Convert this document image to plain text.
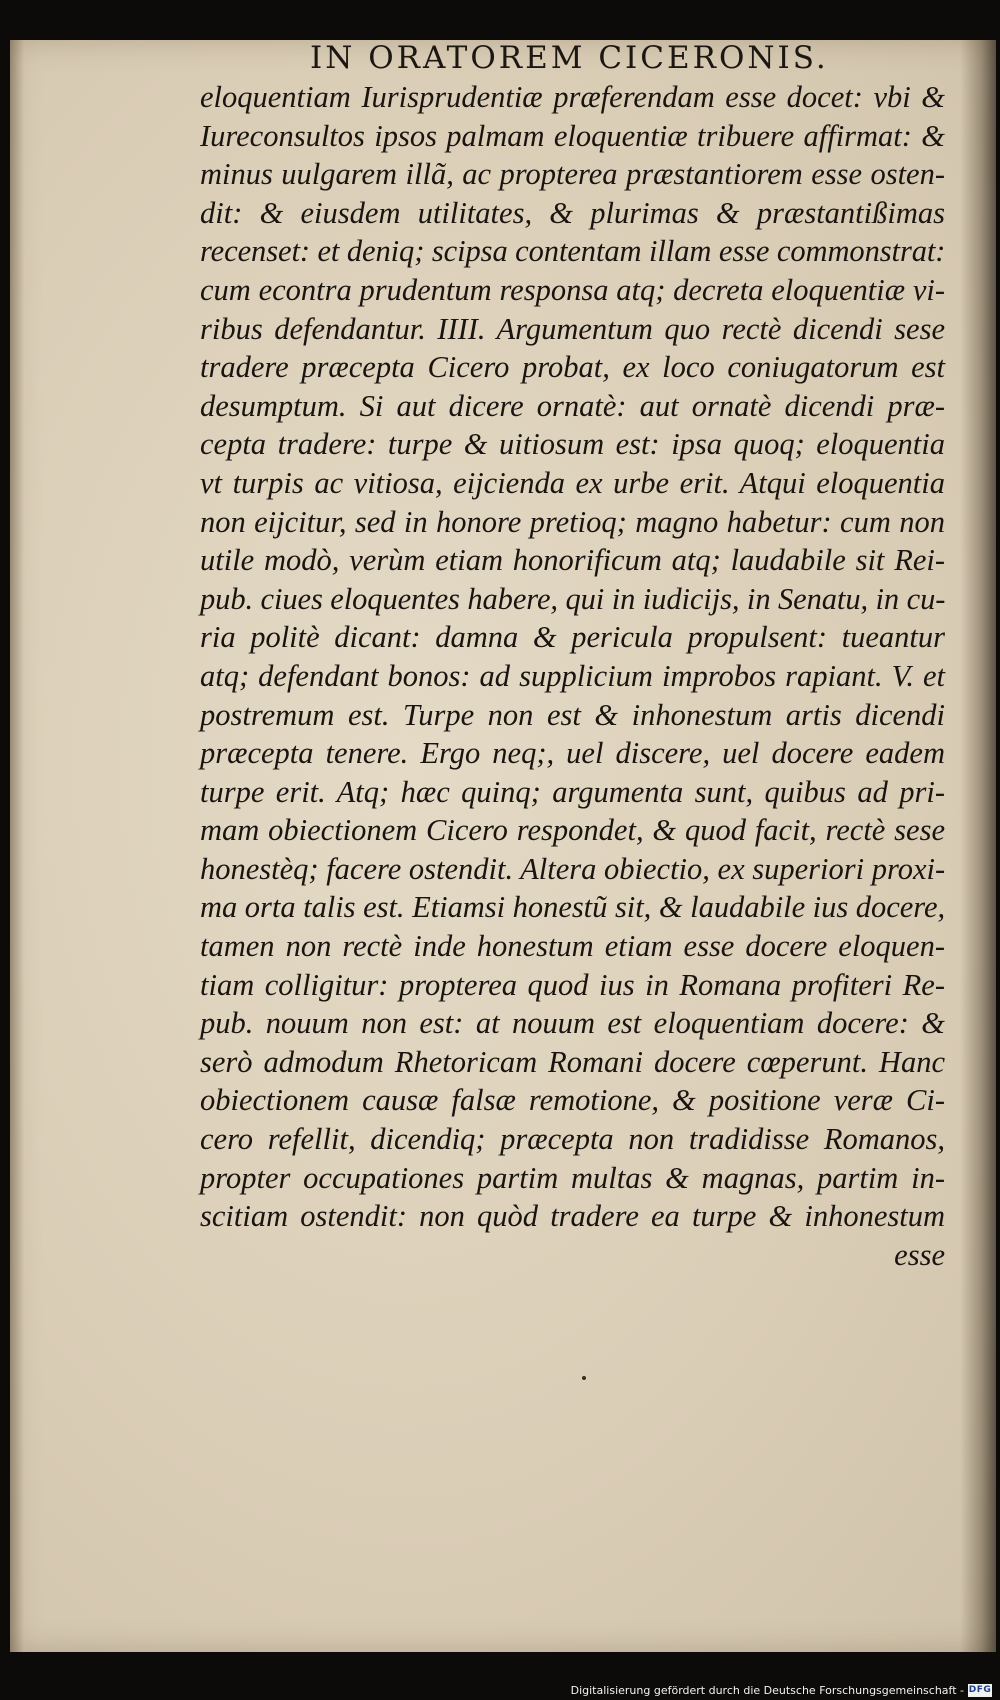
IN ORATOREM CICERONIS.
eloquentiam Iurisprudentiæ præferendam esse docet: vbi &
Iureconsultos ipsos palmam eloquentiæ tribuere affirmat: &
minus uulgarem illã, ac propterea præstantiorem esse osten-
dit: & eiusdem utilitates, & plurimas & præstantißimas
recenset: et deniq; scipsa contentam illam esse commonstrat:
cum econtra prudentum responsa atq; decreta eloquentiæ vi-
ribus defendantur. IIII. Argumentum quo rectè dicendi sese
tradere præcepta Cicero probat, ex loco coniugatorum est
desumptum. Si aut dicere ornatè: aut ornatè dicendi præ-
cepta tradere: turpe & uitiosum est: ipsa quoq; eloquentia
vt turpis ac vitiosa, eijcienda ex urbe erit. Atqui eloquentia
non eijcitur, sed in honore pretioq; magno habetur: cum non
utile modò, verùm etiam honorificum atq; laudabile sit Rei-
pub. ciues eloquentes habere, qui in iudicijs, in Senatu, in cu-
ria politè dicant: damna & pericula propulsent: tueantur
atq; defendant bonos: ad supplicium improbos rapiant. V. et
postremum est. Turpe non est & inhonestum artis dicendi
præcepta tenere. Ergo neq;, uel discere, uel docere eadem
turpe erit. Atq; hæc quinq; argumenta sunt, quibus ad pri-
mam obiectionem Cicero respondet, & quod facit, rectè sese
honestèq; facere ostendit. Altera obiectio, ex superiori proxi-
ma orta talis est. Etiamsi honestũ sit, & laudabile ius docere,
tamen non rectè inde honestum etiam esse docere eloquen-
tiam colligitur: propterea quod ius in Romana profiteri Re-
pub. nouum non est: at nouum est eloquentiam docere: &
serò admodum Rhetoricam Romani docere cœperunt. Hanc
obiectionem causæ falsæ remotione, & positione veræ Ci-
cero refellit, dicendiq; præcepta non tradidisse Romanos,
propter occupationes partim multas & magnas, partim in-
scitiam ostendit: non quòd tradere ea turpe & inhonestum
esse
Digitalisierung gefördert durch die Deutsche Forschungsgemeinschaft - DFG
